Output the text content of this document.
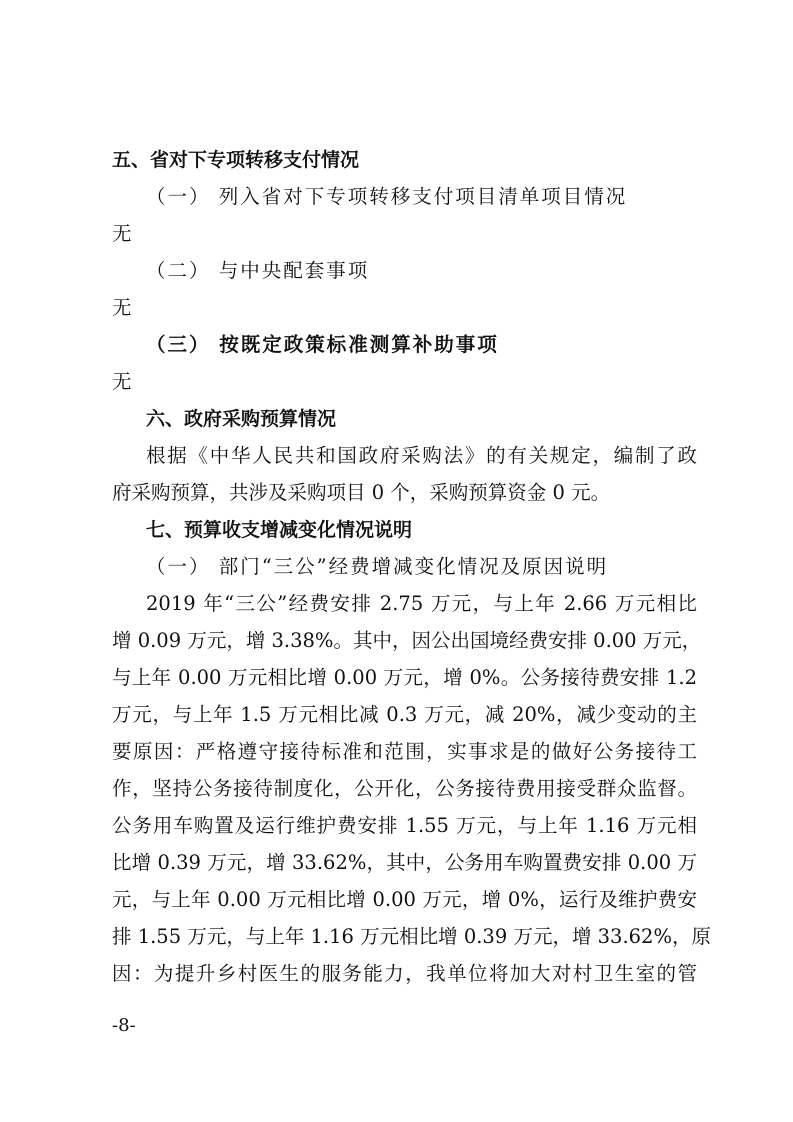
五、省对下专项转移支付情况
（一） 列入省对下专项转移支付项目清单项目情况
无
（二） 与中央配套事项
无
（三） 按既定政策标准测算补助事项
无
六、政府采购预算情况
根据《中华人民共和国政府采购法》的有关规定，编制了政
府采购预算，共涉及采购项目 0 个，采购预算资金 0 元。
七、预算收支增减变化情况说明
（一） 部门“三公”经费增减变化情况及原因说明
2019 年“三公”经费安排 2.75 万元，与上年 2.66 万元相比
增 0.09 万元，增 3.38%。其中，因公出国境经费安排 0.00 万元，
与上年 0.00 万元相比增 0.00 万元，增 0%。公务接待费安排 1.2
万元，与上年 1.5 万元相比减 0.3 万元，减 20%，减少变动的主
要原因：严格遵守接待标准和范围，实事求是的做好公务接待工
作，坚持公务接待制度化，公开化，公务接待费用接受群众监督。
公务用车购置及运行维护费安排 1.55 万元，与上年 1.16 万元相
比增 0.39 万元，增 33.62%，其中，公务用车购置费安排 0.00 万
元，与上年 0.00 万元相比增 0.00 万元，增 0%，运行及维护费安
排 1.55 万元，与上年 1.16 万元相比增 0.39 万元，增 33.62%，原
因：为提升乡村医生的服务能力，我单位将加大对村卫生室的管
-8-
